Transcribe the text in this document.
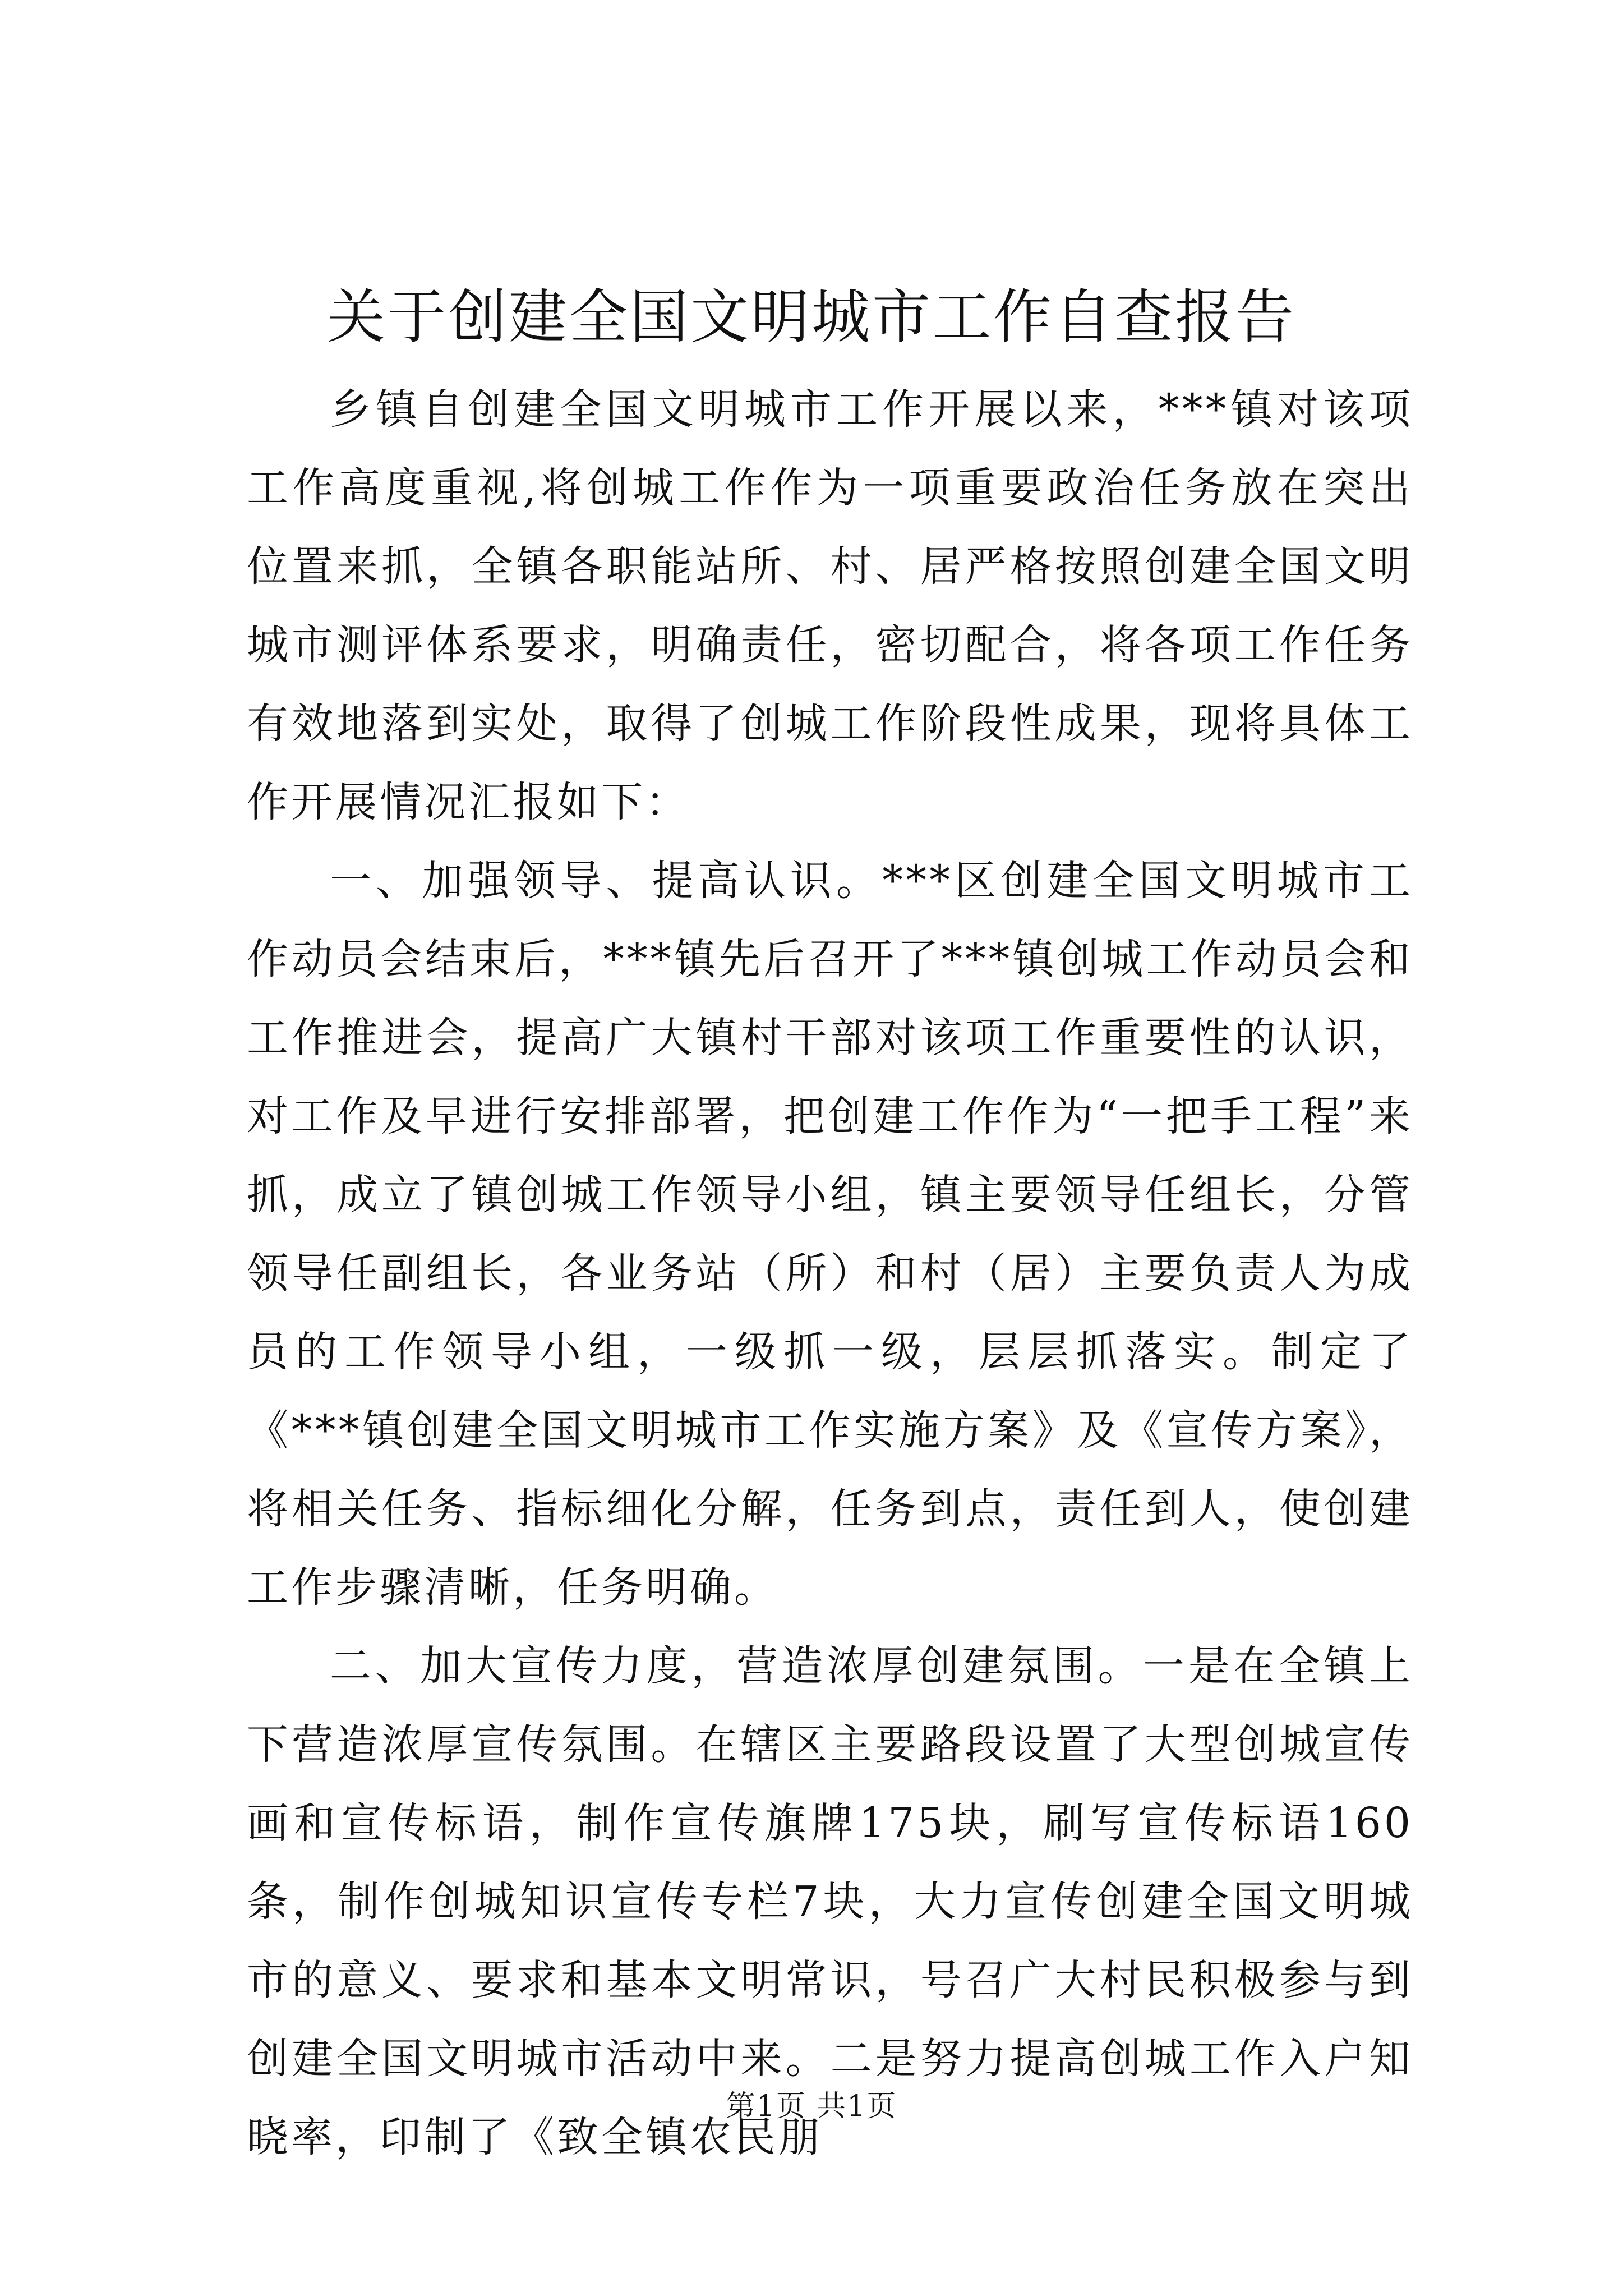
关于创建全国文明城市工作自查报告

乡镇自创建全国文明城市工作开展以来，***镇对该项工作高度重视,将创城工作作为一项重要政治任务放在突出位置来抓，全镇各职能站所、村、居严格按照创建全国文明城市测评体系要求，明确责任，密切配合，将各项工作任务有效地落到实处，取得了创城工作阶段性成果，现将具体工作开展情况汇报如下：

一、加强领导、提高认识。***区创建全国文明城市工作动员会结束后，***镇先后召开了***镇创城工作动员会和工作推进会，提高广大镇村干部对该项工作重要性的认识，对工作及早进行安排部署，把创建工作作为“一把手工程”来抓，成立了镇创城工作领导小组，镇主要领导任组长，分管领导任副组长，各业务站（所）和村（居）主要负责人为成员的工作领导小组，一级抓一级，层层抓落实。制定了《***镇创建全国文明城市工作实施方案》及《宣传方案》，将相关任务、指标细化分解，任务到点，责任到人，使创建工作步骤清晰，任务明确。

二、加大宣传力度，营造浓厚创建氛围。一是在全镇上下营造浓厚宣传氛围。在辖区主要路段设置了大型创城宣传画和宣传标语，制作宣传旗牌175块，刷写宣传标语160条，制作创城知识宣传专栏7块，大力宣传创建全国文明城市的意义、要求和基本文明常识，号召广大村民积极参与到创建全国文明城市活动中来。二是努力提高创城工作入户知晓率，印制了《致全镇农民朋

第1页 共1页
